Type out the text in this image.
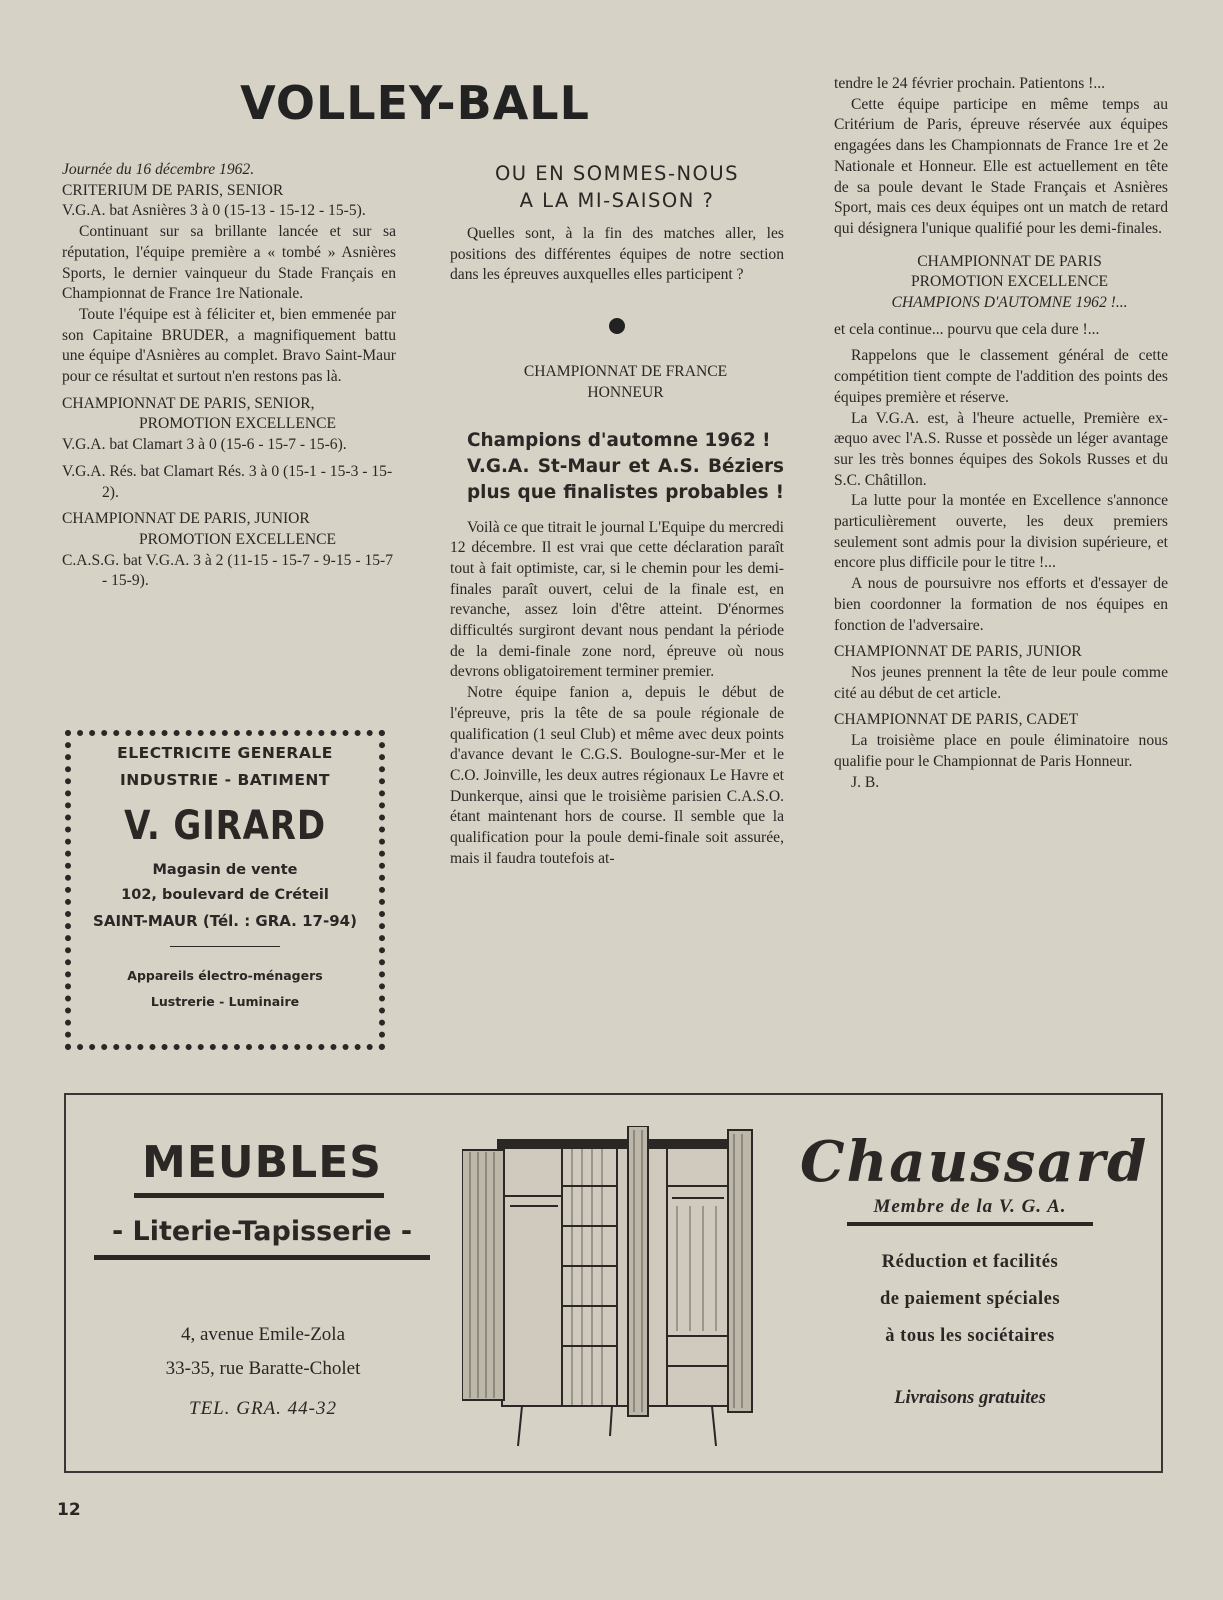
VOLLEY-BALL

Journée du 16 décembre 1962.

CRITERIUM DE PARIS, SENIOR

V.G.A. bat Asnières 3 à 0 (15-13 - 15-12 - 15-5).

Continuant sur sa brillante lancée et sur sa réputation, l'équipe première a « tombé » Asnières Sports, le dernier vainqueur du Stade Français en Championnat de France 1re Nationale.

Toute l'équipe est à féliciter et, bien emmenée par son Capitaine BRUDER, a magnifiquement battu une équipe d'Asnières au complet. Bravo Saint-Maur pour ce résultat et surtout n'en restons pas là.

CHAMPIONNAT DE PARIS, SENIOR,

PROMOTION EXCELLENCE

V.G.A. bat Clamart 3 à 0 (15-6 - 15-7 - 15-6).

V.G.A. Rés. bat Clamart Rés. 3 à 0 (15-1 - 15-3 - 15-2).

CHAMPIONNAT DE PARIS, JUNIOR

PROMOTION EXCELLENCE

C.A.S.G. bat V.G.A. 3 à 2 (11-15 - 15-7 - 9-15 - 15-7 - 15-9).

OU EN SOMMES-NOUS
A LA MI-SAISON ?

Quelles sont, à la fin des matches aller, les positions des différentes équipes de notre section dans les épreuves auxquelles elles participent ?

CHAMPIONNAT DE FRANCE

HONNEUR

Champions d'automne 1962 !

V.G.A. St-Maur et A.S. Béziers

plus que finalistes probables !

Voilà ce que titrait le journal L'Equipe du mercredi 12 décembre. Il est vrai que cette déclaration paraît tout à fait optimiste, car, si le chemin pour les demi-finales paraît ouvert, celui de la finale est, en revanche, assez loin d'être atteint. D'énormes difficultés surgiront devant nous pendant la période de la demi-finale zone nord, épreuve où nous devrons obligatoirement terminer premier.

Notre équipe fanion a, depuis le début de l'épreuve, pris la tête de sa poule régionale de qualification (1 seul Club) et même avec deux points d'avance devant le C.G.S. Boulogne-sur-Mer et le C.O. Joinville, les deux autres régionaux Le Havre et Dunkerque, ainsi que le troisième parisien C.A.S.O. étant maintenant hors de course. Il semble que la qualification pour la poule demi-finale soit assurée, mais il faudra toutefois at-

tendre le 24 février prochain. Patientons !...

Cette équipe participe en même temps au Critérium de Paris, épreuve réservée aux équipes engagées dans les Championnats de France 1re et 2e Nationale et Honneur. Elle est actuellement en tête de sa poule devant le Stade Français et Asnières Sport, mais ces deux équipes ont un match de retard qui désignera l'unique qualifié pour les demi-finales.

CHAMPIONNAT DE PARIS

PROMOTION EXCELLENCE

CHAMPIONS D'AUTOMNE 1962 !...

et cela continue... pourvu que cela dure !...

Rappelons que le classement général de cette compétition tient compte de l'addition des points des équipes première et réserve.

La V.G.A. est, à l'heure actuelle, Première ex-æquo avec l'A.S. Russe et possède un léger avantage sur les très bonnes équipes des Sokols Russes et du S.C. Châtillon.

La lutte pour la montée en Excellence s'annonce particulièrement ouverte, les deux premiers seulement sont admis pour la division supérieure, et encore plus difficile pour le titre !...

A nous de poursuivre nos efforts et d'essayer de bien coordonner la formation de nos équipes en fonction de l'adversaire.

CHAMPIONNAT DE PARIS, JUNIOR

Nos jeunes prennent la tête de leur poule comme cité au début de cet article.

CHAMPIONNAT DE PARIS, CADET

La troisième place en poule éliminatoire nous qualifie pour le Championnat de Paris Honneur.

J. B.

ELECTRICITE GENERALE
INDUSTRIE - BATIMENT
V. GIRARD
Magasin de vente
102, boulevard de Créteil
SAINT-MAUR (Tél. : GRA. 17-94)
Appareils électro-ménagers
Lustrerie - Luminaire
MEUBLES
- Literie-Tapisserie -
4, avenue Emile-Zola
33-35, rue Baratte-Cholet
TEL. GRA. 44-32
Chaussard
Membre de la V. G. A.
Réduction et facilités
de paiement spéciales
à tous les sociétaires
Livraisons gratuites
12
